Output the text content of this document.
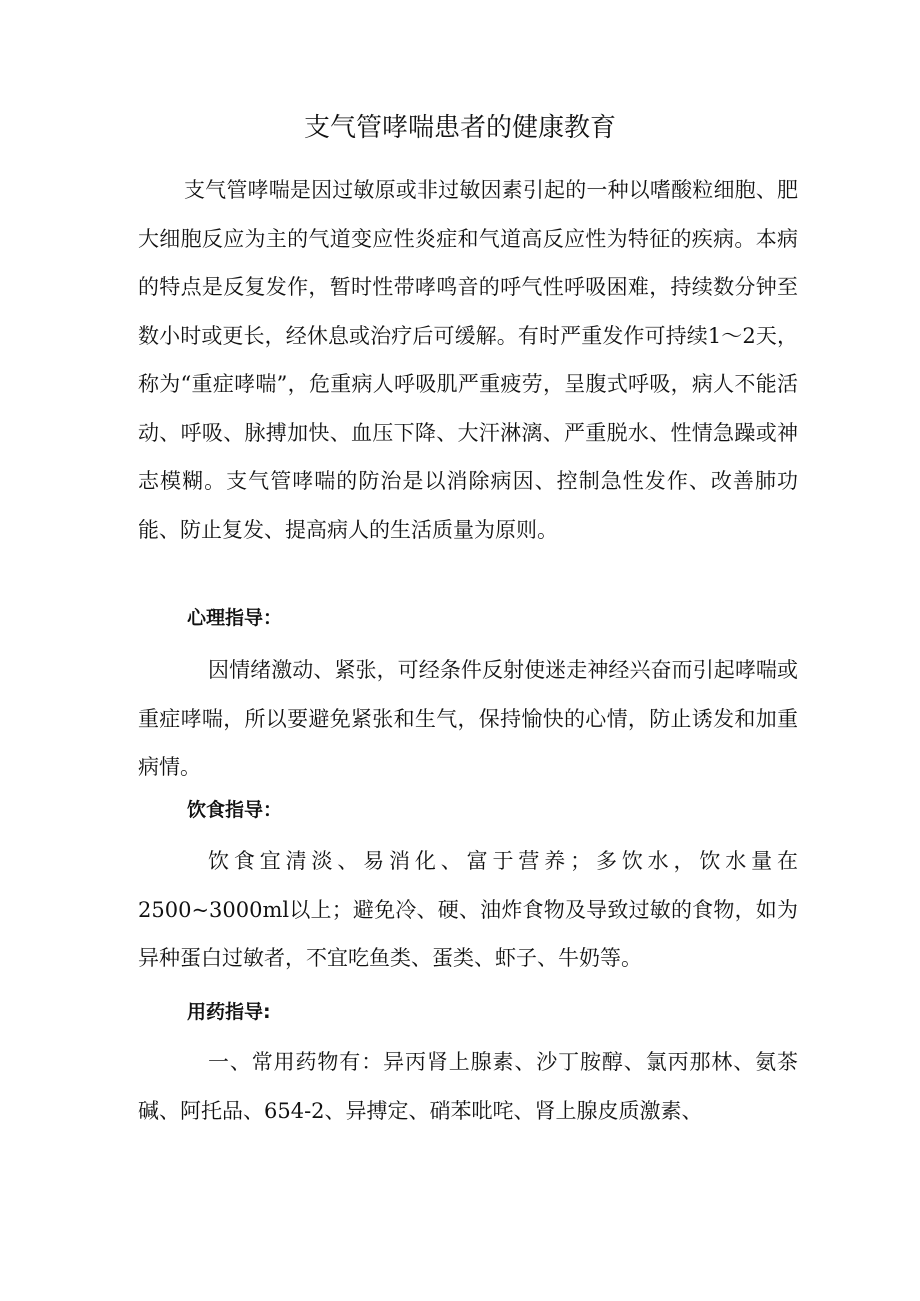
支气管哮喘患者的健康教育

支气管哮喘是因过敏原或非过敏因素引起的一种以嗜酸粒细胞、肥大细胞反应为主的气道变应性炎症和气道高反应性为特征的疾病。本病的特点是反复发作，暂时性带哮鸣音的呼气性呼吸困难，持续数分钟至数小时或更长，经休息或治疗后可缓解。有时严重发作可持续1～2天，称为“重症哮喘”，危重病人呼吸肌严重疲劳，呈腹式呼吸，病人不能活动、呼吸、脉搏加快、血压下降、大汗淋漓、严重脱水、性情急躁或神志模糊。支气管哮喘的防治是以消除病因、控制急性发作、改善肺功能、防止复发、提高病人的生活质量为原则。

心理指导：

因情绪激动、紧张，可经条件反射使迷走神经兴奋而引起哮喘或重症哮喘，所以要避免紧张和生气，保持愉快的心情，防止诱发和加重病情。

饮食指导：

饮食宜清淡、易消化、富于营养；多饮水，饮水量在2500~3000ml以上；避免冷、硬、油炸食物及导致过敏的食物，如为异种蛋白过敏者，不宜吃鱼类、蛋类、虾子、牛奶等。

用药指导:

一、常用药物有：异丙肾上腺素、沙丁胺醇、氯丙那林、氨茶碱、阿托品、654-2、异搏定、硝苯吡咤、肾上腺皮质激素、
